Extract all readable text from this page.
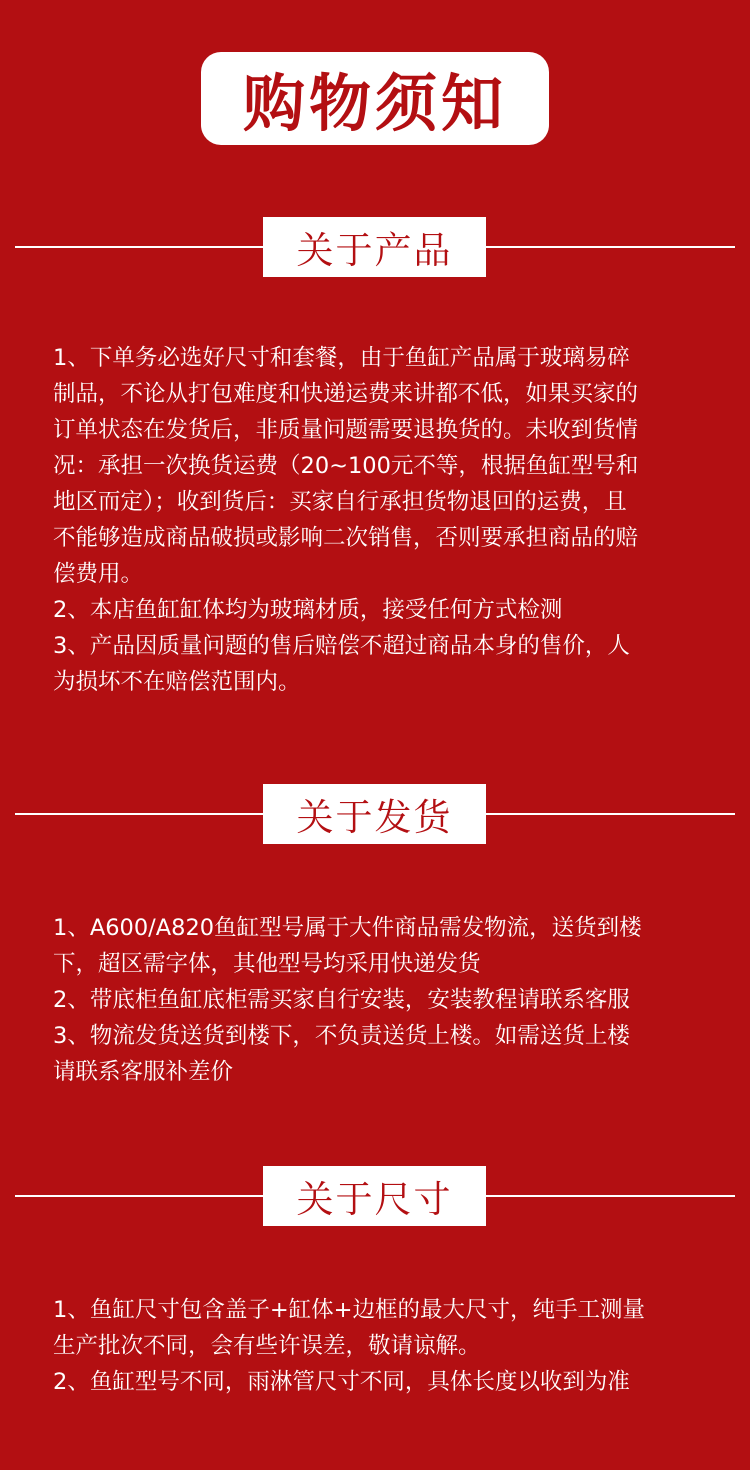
购物须知
关于产品

1、下单务必选好尺寸和套餐，由于鱼缸产品属于玻璃易碎

制品，不论从打包难度和快递运费来讲都不低，如果买家的

订单状态在发货后，非质量问题需要退换货的。未收到货情

况：承担一次换货运费（20~100元不等，根据鱼缸型号和

地区而定）；收到货后：买家自行承担货物退回的运费，且

不能够造成商品破损或影响二次销售，否则要承担商品的赔

偿费用。

2、本店鱼缸缸体均为玻璃材质，接受任何方式检测

3、产品因质量问题的售后赔偿不超过商品本身的售价，人

为损坏不在赔偿范围内。

关于发货

1、A600/A820鱼缸型号属于大件商品需发物流，送货到楼

下，超区需字体，其他型号均采用快递发货

2、带底柜鱼缸底柜需买家自行安装，安装教程请联系客服

3、物流发货送货到楼下，不负责送货上楼。如需送货上楼

请联系客服补差价

关于尺寸

1、鱼缸尺寸包含盖子+缸体+边框的最大尺寸，纯手工测量

生产批次不同，会有些许误差，敬请谅解。

2、鱼缸型号不同，雨淋管尺寸不同，具体长度以收到为准
